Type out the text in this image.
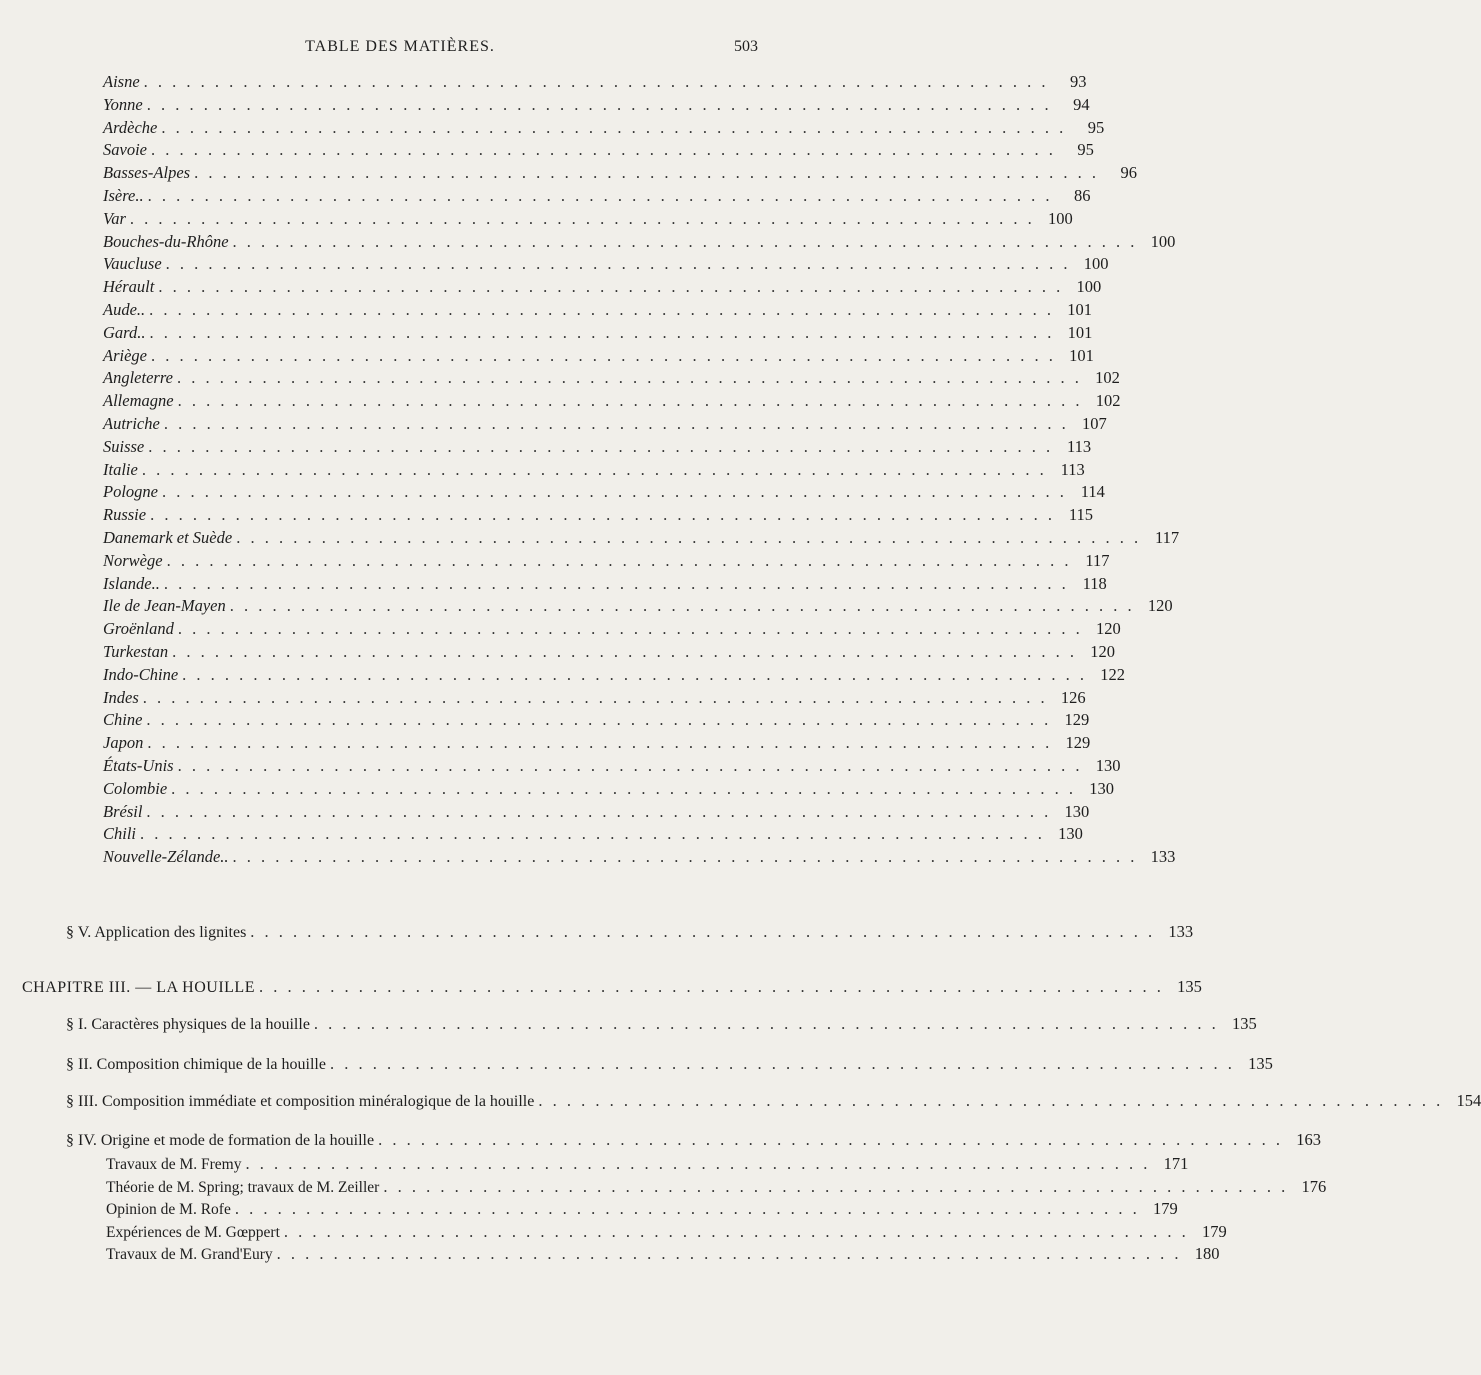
TABLE DES MATIÈRES.	503
Aisne . . . . . . . . . . . . . . . . . . . . . . . . . . . . . . . . . . . . . . . . . . . . . . . . . . . . . . . . . . . . . . . .	93
Yonne . . . . . . . . . . . . . . . . . . . . . . . . . . . . . . . . . . . . . . . . . . . . . . . . . . . . . . . . . . . . . . . .	94
Ardèche . . . . . . . . . . . . . . . . . . . . . . . . . . . . . . . . . . . . . . . . . . . . . . . . . . . . . . . . . . . . . . . .	95
Savoie . . . . . . . . . . . . . . . . . . . . . . . . . . . . . . . . . . . . . . . . . . . . . . . . . . . . . . . . . . . . . . . .	95
Basses-Alpes . . . . . . . . . . . . . . . . . . . . . . . . . . . . . . . . . . . . . . . . . . . . . . . . . . . . . . . . . . . . . . . .	96
Isère.. . . . . . . . . . . . . . . . . . . . . . . . . . . . . . . . . . . . . . . . . . . . . . . . . . . . . . . . . . . . . . . . .	86
Var . . . . . . . . . . . . . . . . . . . . . . . . . . . . . . . . . . . . . . . . . . . . . . . . . . . . . . . . . . . . . . . . 100
Bouches-du-Rhône . . . . . . . . . . . . . . . . . . . . . . . . . . . . . . . . . . . . . . . . . . . . . . . . . . . . . . . . . . . . . . . . 100
Vaucluse . . . . . . . . . . . . . . . . . . . . . . . . . . . . . . . . . . . . . . . . . . . . . . . . . . . . . . . . . . . . . . . . 100
Hérault . . . . . . . . . . . . . . . . . . . . . . . . . . . . . . . . . . . . . . . . . . . . . . . . . . . . . . . . . . . . . . . . 100
Aude.. . . . . . . . . . . . . . . . . . . . . . . . . . . . . . . . . . . . . . . . . . . . . . . . . . . . . . . . . . . . . . . . . 101
Gard.. . . . . . . . . . . . . . . . . . . . . . . . . . . . . . . . . . . . . . . . . . . . . . . . . . . . . . . . . . . . . . . . . 101
Ariège . . . . . . . . . . . . . . . . . . . . . . . . . . . . . . . . . . . . . . . . . . . . . . . . . . . . . . . . . . . . . . . . 101
Angleterre . . . . . . . . . . . . . . . . . . . . . . . . . . . . . . . . . . . . . . . . . . . . . . . . . . . . . . . . . . . . . . . . 102
Allemagne . . . . . . . . . . . . . . . . . . . . . . . . . . . . . . . . . . . . . . . . . . . . . . . . . . . . . . . . . . . . . . . . 102
Autriche . . . . . . . . . . . . . . . . . . . . . . . . . . . . . . . . . . . . . . . . . . . . . . . . . . . . . . . . . . . . . . . . 107
Suisse . . . . . . . . . . . . . . . . . . . . . . . . . . . . . . . . . . . . . . . . . . . . . . . . . . . . . . . . . . . . . . . . 113
Italie . . . . . . . . . . . . . . . . . . . . . . . . . . . . . . . . . . . . . . . . . . . . . . . . . . . . . . . . . . . . . . . . 113
Pologne . . . . . . . . . . . . . . . . . . . . . . . . . . . . . . . . . . . . . . . . . . . . . . . . . . . . . . . . . . . . . . . . 114
Russie . . . . . . . . . . . . . . . . . . . . . . . . . . . . . . . . . . . . . . . . . . . . . . . . . . . . . . . . . . . . . . . . 115
Danemark et Suède . . . . . . . . . . . . . . . . . . . . . . . . . . . . . . . . . . . . . . . . . . . . . . . . . . . . . . . . . . . . . . . . 117
Norwège . . . . . . . . . . . . . . . . . . . . . . . . . . . . . . . . . . . . . . . . . . . . . . . . . . . . . . . . . . . . . . . . 117
Islande.. . . . . . . . . . . . . . . . . . . . . . . . . . . . . . . . . . . . . . . . . . . . . . . . . . . . . . . . . . . . . . . . . 118
Ile de Jean-Mayen . . . . . . . . . . . . . . . . . . . . . . . . . . . . . . . . . . . . . . . . . . . . . . . . . . . . . . . . . . . . . . . . 120
Groënland . . . . . . . . . . . . . . . . . . . . . . . . . . . . . . . . . . . . . . . . . . . . . . . . . . . . . . . . . . . . . . . . 120
Turkestan . . . . . . . . . . . . . . . . . . . . . . . . . . . . . . . . . . . . . . . . . . . . . . . . . . . . . . . . . . . . . . . . 120
Indo-Chine . . . . . . . . . . . . . . . . . . . . . . . . . . . . . . . . . . . . . . . . . . . . . . . . . . . . . . . . . . . . . . . . 122
Indes . . . . . . . . . . . . . . . . . . . . . . . . . . . . . . . . . . . . . . . . . . . . . . . . . . . . . . . . . . . . . . . . 126
Chine . . . . . . . . . . . . . . . . . . . . . . . . . . . . . . . . . . . . . . . . . . . . . . . . . . . . . . . . . . . . . . . . 129
Japon . . . . . . . . . . . . . . . . . . . . . . . . . . . . . . . . . . . . . . . . . . . . . . . . . . . . . . . . . . . . . . . . 129
États-Unis . . . . . . . . . . . . . . . . . . . . . . . . . . . . . . . . . . . . . . . . . . . . . . . . . . . . . . . . . . . . . . . . 130
Colombie . . . . . . . . . . . . . . . . . . . . . . . . . . . . . . . . . . . . . . . . . . . . . . . . . . . . . . . . . . . . . . . . 130
Brésil . . . . . . . . . . . . . . . . . . . . . . . . . . . . . . . . . . . . . . . . . . . . . . . . . . . . . . . . . . . . . . . . 130
Chili . . . . . . . . . . . . . . . . . . . . . . . . . . . . . . . . . . . . . . . . . . . . . . . . . . . . . . . . . . . . . . . . 130
Nouvelle-Zélande.. . . . . . . . . . . . . . . . . . . . . . . . . . . . . . . . . . . . . . . . . . . . . . . . . . . . . . . . . . . . . . . . . 133
§ V. Application des lignites . . . . . . . . . . . . . . . . . . . . . . . . . . . . . . . . . . . . . . . . . . . . . . . . . . . . . . . . . . . . . . . . 133
CHAPITRE III. — LA HOUILLE . . . . . . . . . . . . . . . . . . . . . . . . . . . . . . . . . . . . . . . . . . . . . . . . . . . . . . . . . . . . . . . . 135
§ I. Caractères physiques de la houille . . . . . . . . . . . . . . . . . . . . . . . . . . . . . . . . . . . . . . . . . . . . . . . . . . . . . . . . . . . . . . . . 135
§ II. Composition chimique de la houille . . . . . . . . . . . . . . . . . . . . . . . . . . . . . . . . . . . . . . . . . . . . . . . . . . . . . . . . . . . . . . . . 135
§ III. Composition immédiate et composition minéralogique de la houille . . . . . . . . . . . . . . . . . . . . . . . . . . . . . . . . . . . . . . . . . . . . . . . . . . . . . . . . . . . . . . . . 154
§ IV. Origine et mode de formation de la houille . . . . . . . . . . . . . . . . . . . . . . . . . . . . . . . . . . . . . . . . . . . . . . . . . . . . . . . . . . . . . . . . 163
Travaux de M. Fremy . . . . . . . . . . . . . . . . . . . . . . . . . . . . . . . . . . . . . . . . . . . . . . . . . . . . . . . . . . . . . . . . 171
Théorie de M. Spring; travaux de M. Zeiller . . . . . . . . . . . . . . . . . . . . . . . . . . . . . . . . . . . . . . . . . . . . . . . . . . . . . . . . . . . . . . . . 176
Opinion de M. Rofe . . . . . . . . . . . . . . . . . . . . . . . . . . . . . . . . . . . . . . . . . . . . . . . . . . . . . . . . . . . . . . . . 179
Expériences de M. Gœppert . . . . . . . . . . . . . . . . . . . . . . . . . . . . . . . . . . . . . . . . . . . . . . . . . . . . . . . . . . . . . . . . 179
Travaux de M. Grand'Eury . . . . . . . . . . . . . . . . . . . . . . . . . . . . . . . . . . . . . . . . . . . . . . . . . . . . . . . . . . . . . . . . 180
